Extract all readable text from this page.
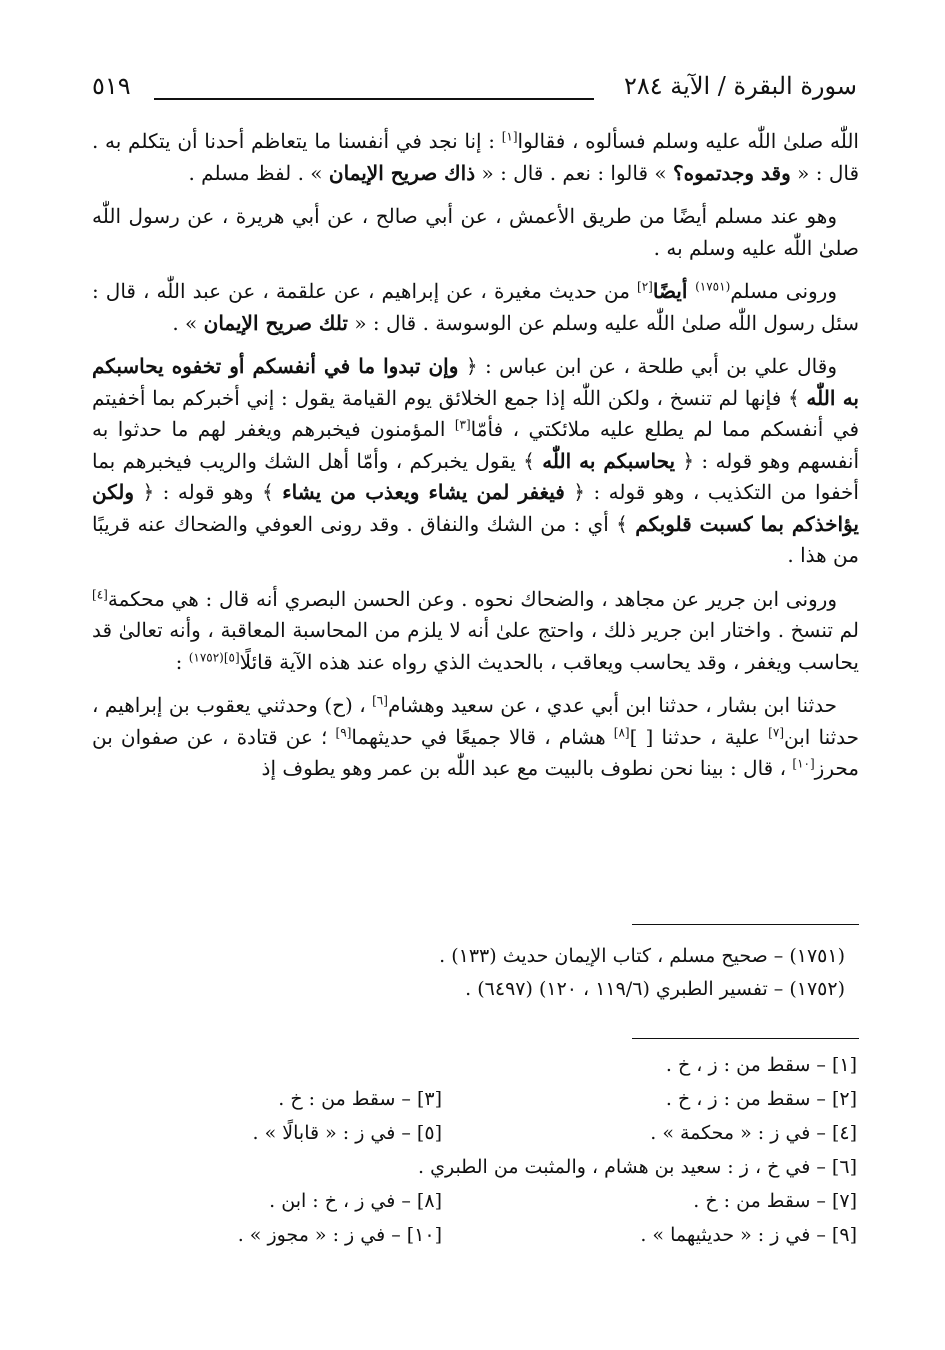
سورة البقرة / الآية ٢٨٤
٥١٩

اللّٰه صلىٰ اللّٰه عليه وسلم فسألوه ، فقالوا[١] : إنا نجد في أنفسنا ما يتعاظم أحدنا أن يتكلم به . قال : « وقد وجدتموه؟ » قالوا : نعم . قال : « ذاك صريح الإيمان » . لفظ مسلم .

وهو عند مسلم أيضًا من طريق الأعمش ، عن أبي صالح ، عن أبي هريرة ، عن رسول اللّٰه صلىٰ اللّٰه عليه وسلم به .

ورونى مسلم$^{(١٧٥١)}$ أيضًا[٢] من حديث مغيرة ، عن إبراهيم ، عن علقمة ، عن عبد اللّٰه ، قال : سئل رسول اللّٰه صلىٰ اللّٰه عليه وسلم عن الوسوسة . قال : « تلك صريح الإيمان » .

وقال علي بن أبي طلحة ، عن ابن عباس : ﴿ وإن تبدوا ما في أنفسكم أو تخفوه يحاسبكم به اللّٰه ﴾ فإنها لم تنسخ ، ولكن اللّٰه إذا جمع الخلائق يوم القيامة يقول : إني أخبركم بما أخفيتم في أنفسكم مما لم يطلع عليه ملائكتي ، فأمّا[٣] المؤمنون فيخبرهم ويغفر لهم ما حدثوا به أنفسهم وهو قوله : ﴿ يحاسبكم به اللّٰه ﴾ يقول يخبركم ، وأمّا أهل الشك والريب فيخبرهم بما أخفوا من التكذيب ، وهو قوله : ﴿ فيغفر لمن يشاء ويعذب من يشاء ﴾ وهو قوله : ﴿ ولكن يؤاخذكم بما كسبت قلوبكم ﴾ أي : من الشك والنفاق . وقد رونى العوفي والضحاك عنه قريبًا من هذا .

ورونى ابن جرير عن مجاهد ، والضحاك نحوه . وعن الحسن البصري أنه قال : هي محكمة[٤] لم تنسخ . واختار ابن جرير ذلك ، واحتج علىٰ أنه لا يلزم من المحاسبة المعاقبة ، وأنه تعالىٰ قد يحاسب ويغفر ، وقد يحاسب ويعاقب ، بالحديث الذي رواه عند هذه الآية قائلًا$^{[٥](١٧٥٢)}$ :

حدثنا ابن بشار ، حدثنا ابن أبي عدي ، عن سعيد وهشام[٦] ، (ح) وحدثني يعقوب بن إبراهيم ، حدثنا ابن[٧] علية ، حدثنا [ ][٨] هشام ، قالا جميعًا في حديثهما[٩] ؛ عن قتادة ، عن صفوان بن محرز[١٠] ، قال : بينا نحن نطوف بالبيت مع عبد اللّٰه بن عمر وهو يطوف إذ

(١٧٥١) – صحيح مسلم ، كتاب الإيمان حديث (١٣٣) .
(١٧٥٢) – تفسير الطبري (١١٩/٦ ، ١٢٠) (٦٤٩٧) .
[١] – سقط من : ز ، خ .
[٢] – سقط من : ز ، خ .
[٣] – سقط من : خ .
[٤] – في ز : « محكمة » .
[٥] – في ز : « قابالًا » .
[٦] – في خ ، ز : سعيد بن هشام ، والمثبت من الطبري .
[٧] – سقط من : خ .
[٨] – في ز ، خ : ابن .
[٩] – في ز : « حديثيهما » .
[١٠] – في ز : « مجوز » .
